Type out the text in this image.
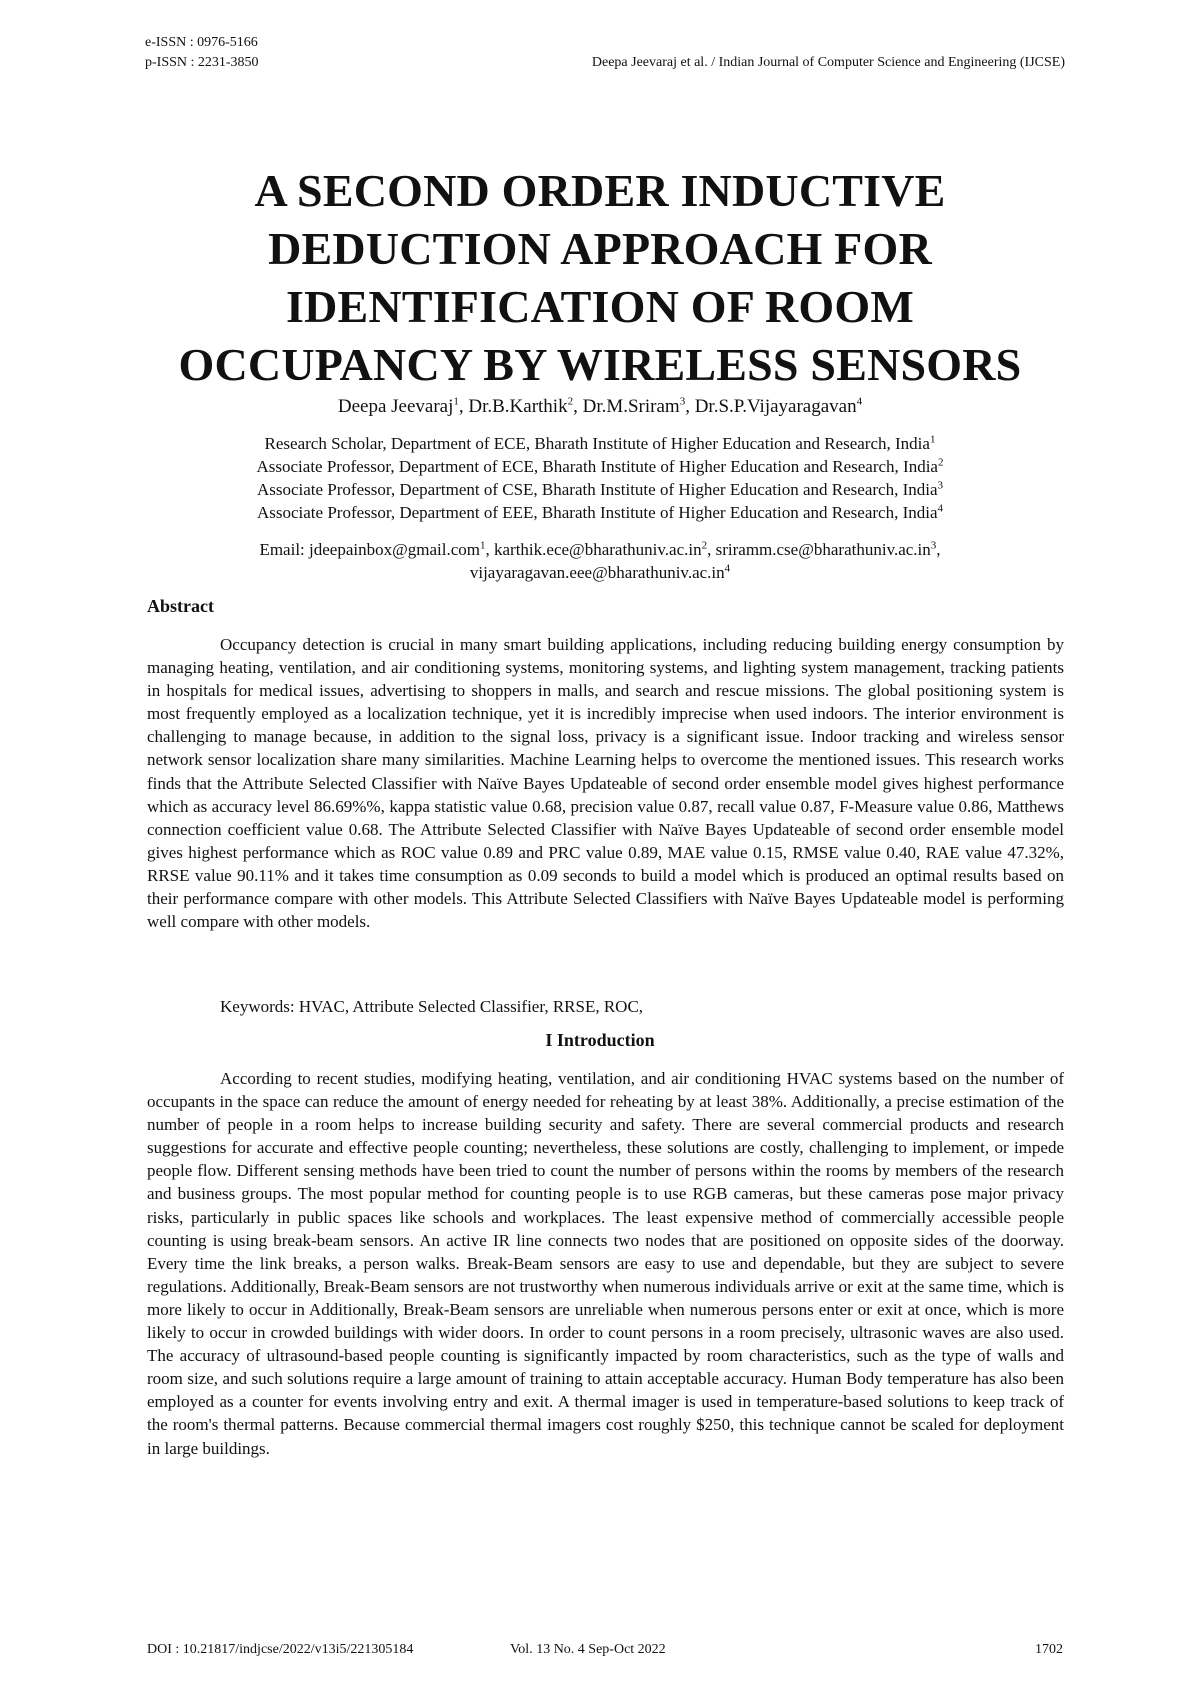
e-ISSN : 0976-5166
p-ISSN : 2231-3850	Deepa Jeevaraj et al. / Indian Journal of Computer Science and Engineering (IJCSE)
A SECOND ORDER INDUCTIVE
DEDUCTION APPROACH FOR
IDENTIFICATION OF ROOM
OCCUPANCY BY WIRELESS SENSORS
Deepa Jeevaraj$^1$, Dr.B.Karthik$^2$, Dr.M.Sriram$^3$, Dr.S.P.Vijayaragavan$^4$
Research Scholar, Department of ECE, Bharath Institute of Higher Education and Research, India$^1$
Associate Professor, Department of ECE, Bharath Institute of Higher Education and Research, India$^2$
Associate Professor, Department of CSE, Bharath Institute of Higher Education and Research, India$^3$
Associate Professor, Department of EEE, Bharath Institute of Higher Education and Research, India$^4$
Email: jdeepainbox@gmail.com$^1$, $karthik.ece@bharathuniv.ac.in^2$, $sriramm.cse@bharathuniv.ac.in^3$,
$vijayaragavan.eee@bharathuniv.ac.in^4$
Abstract

Occupancy detection is crucial in many smart building applications, including reducing building energy consumption by managing heating, ventilation, and air conditioning systems, monitoring systems, and lighting system management, tracking patients in hospitals for medical issues, advertising to shoppers in malls, and search and rescue missions. The global positioning system is most frequently employed as a localization technique, yet it is incredibly imprecise when used indoors. The interior environment is challenging to manage because, in addition to the signal loss, privacy is a significant issue. Indoor tracking and wireless sensor network sensor localization share many similarities. Machine Learning helps to overcome the mentioned issues. This research works finds that the Attribute Selected Classifier with Naïve Bayes Updateable of second order ensemble model gives highest performance which as accuracy level 86.69%%, kappa statistic value 0.68, precision value 0.87, recall value 0.87, F-Measure value 0.86, Matthews connection coefficient value 0.68. The Attribute Selected Classifier with Naïve Bayes Updateable of second order ensemble model gives highest performance which as ROC value 0.89 and PRC value 0.89, MAE value 0.15, RMSE value 0.40, RAE value 47.32%, RRSE value 90.11% and it takes time consumption as 0.09 seconds to build a model which is produced an optimal results based on their performance compare with other models. This Attribute Selected Classifiers with Naïve Bayes Updateable model is performing well compare with other models.

Keywords: HVAC, Attribute Selected Classifier, RRSE, ROC,
I Introduction

According to recent studies, modifying heating, ventilation, and air conditioning HVAC systems based on the number of occupants in the space can reduce the amount of energy needed for reheating by at least 38%. Additionally, a precise estimation of the number of people in a room helps to increase building security and safety. There are several commercial products and research suggestions for accurate and effective people counting; nevertheless, these solutions are costly, challenging to implement, or impede people flow. Different sensing methods have been tried to count the number of persons within the rooms by members of the research and business groups. The most popular method for counting people is to use RGB cameras, but these cameras pose major privacy risks, particularly in public spaces like schools and workplaces. The least expensive method of commercially accessible people counting is using break-beam sensors. An active IR line connects two nodes that are positioned on opposite sides of the doorway. Every time the link breaks, a person walks. Break-Beam sensors are easy to use and dependable, but they are subject to severe regulations. Additionally, Break-Beam sensors are not trustworthy when numerous individuals arrive or exit at the same time, which is more likely to occur in Additionally, Break-Beam sensors are unreliable when numerous persons enter or exit at once, which is more likely to occur in crowded buildings with wider doors. In order to count persons in a room precisely, ultrasonic waves are also used. The accuracy of ultrasound-based people counting is significantly impacted by room characteristics, such as the type of walls and room size, and such solutions require a large amount of training to attain acceptable accuracy. Human Body temperature has also been employed as a counter for events involving entry and exit. A thermal imager is used in temperature-based solutions to keep track of the room's thermal patterns. Because commercial thermal imagers cost roughly $250, this technique cannot be scaled for deployment in large buildings.

DOI : 10.21817/indjcse/2022/v13i5/221305184	Vol. 13 No. 4 Sep-Oct 2022	1702
